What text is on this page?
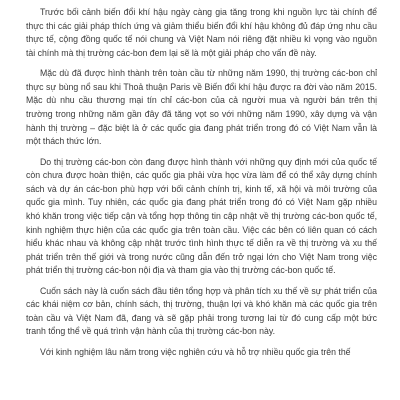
Trước bối cảnh biến đổi khí hậu ngày càng gia tăng trong khi nguồn lực tài chính để thực thi các giải pháp thích ứng và giảm thiểu biến đổi khí hậu không đủ đáp ứng nhu cầu thực tế, cộng đồng quốc tế nói chung và Việt Nam nói riêng đặt nhiều kì vọng vào nguồn tài chính mà thị trường các-bon đem lại sẽ là một giải pháp cho vấn đề này.

Mặc dù đã được hình thành trên toàn cầu từ những năm 1990, thị trường các-bon chỉ thực sự bùng nổ sau khi Thoả thuận Paris về Biến đổi khí hậu được ra đời vào năm 2015. Mặc dù nhu cầu thương mại tín chỉ các-bon của cả người mua và người bán trên thị trường trong những năm gần đây đã tăng vọt so với những năm 1990, xây dựng và vận hành thị trường – đặc biệt là ở các quốc gia đang phát triển trong đó có Việt Nam vẫn là một thách thức lớn.

Do thị trường các-bon còn đang được hình thành với những quy định mới của quốc tế còn chưa được hoàn thiện, các quốc gia phải vừa học vừa làm để có thể xây dựng chính sách và dự án các-bon phù hợp với bối cảnh chính trị, kinh tế, xã hội và môi trường của quốc gia mình. Tuy nhiên, các quốc gia đang phát triển trong đó có Việt Nam gặp nhiều khó khăn trong việc tiếp cận và tổng hợp thông tin cập nhật về thị trường các-bon quốc tế, kinh nghiệm thực hiện của các quốc gia trên toàn cầu. Việc các bên có liên quan có cách hiểu khác nhau và không cập nhật trước tình hình thực tế diễn ra về thị trường và xu thế phát triển trên thế giới và trong nước cũng dẫn đến trở ngại lớn cho Việt Nam trong việc phát triển thị trường các-bon nội địa và tham gia vào thị trường các-bon quốc tế.

Cuốn sách này là cuốn sách đầu tiên tổng hợp và phân tích xu thế về sự phát triển của các khái niệm cơ bản, chính sách, thị trường, thuận lợi và khó khăn mà các quốc gia trên toàn cầu và Việt Nam đã, đang và sẽ gặp phải trong tương lai từ đó cung cấp một bức tranh tổng thể về quá trình vận hành của thị trường các-bon này.

Với kinh nghiệm lâu năm trong việc nghiên cứu và hỗ trợ nhiều quốc gia trên thế
